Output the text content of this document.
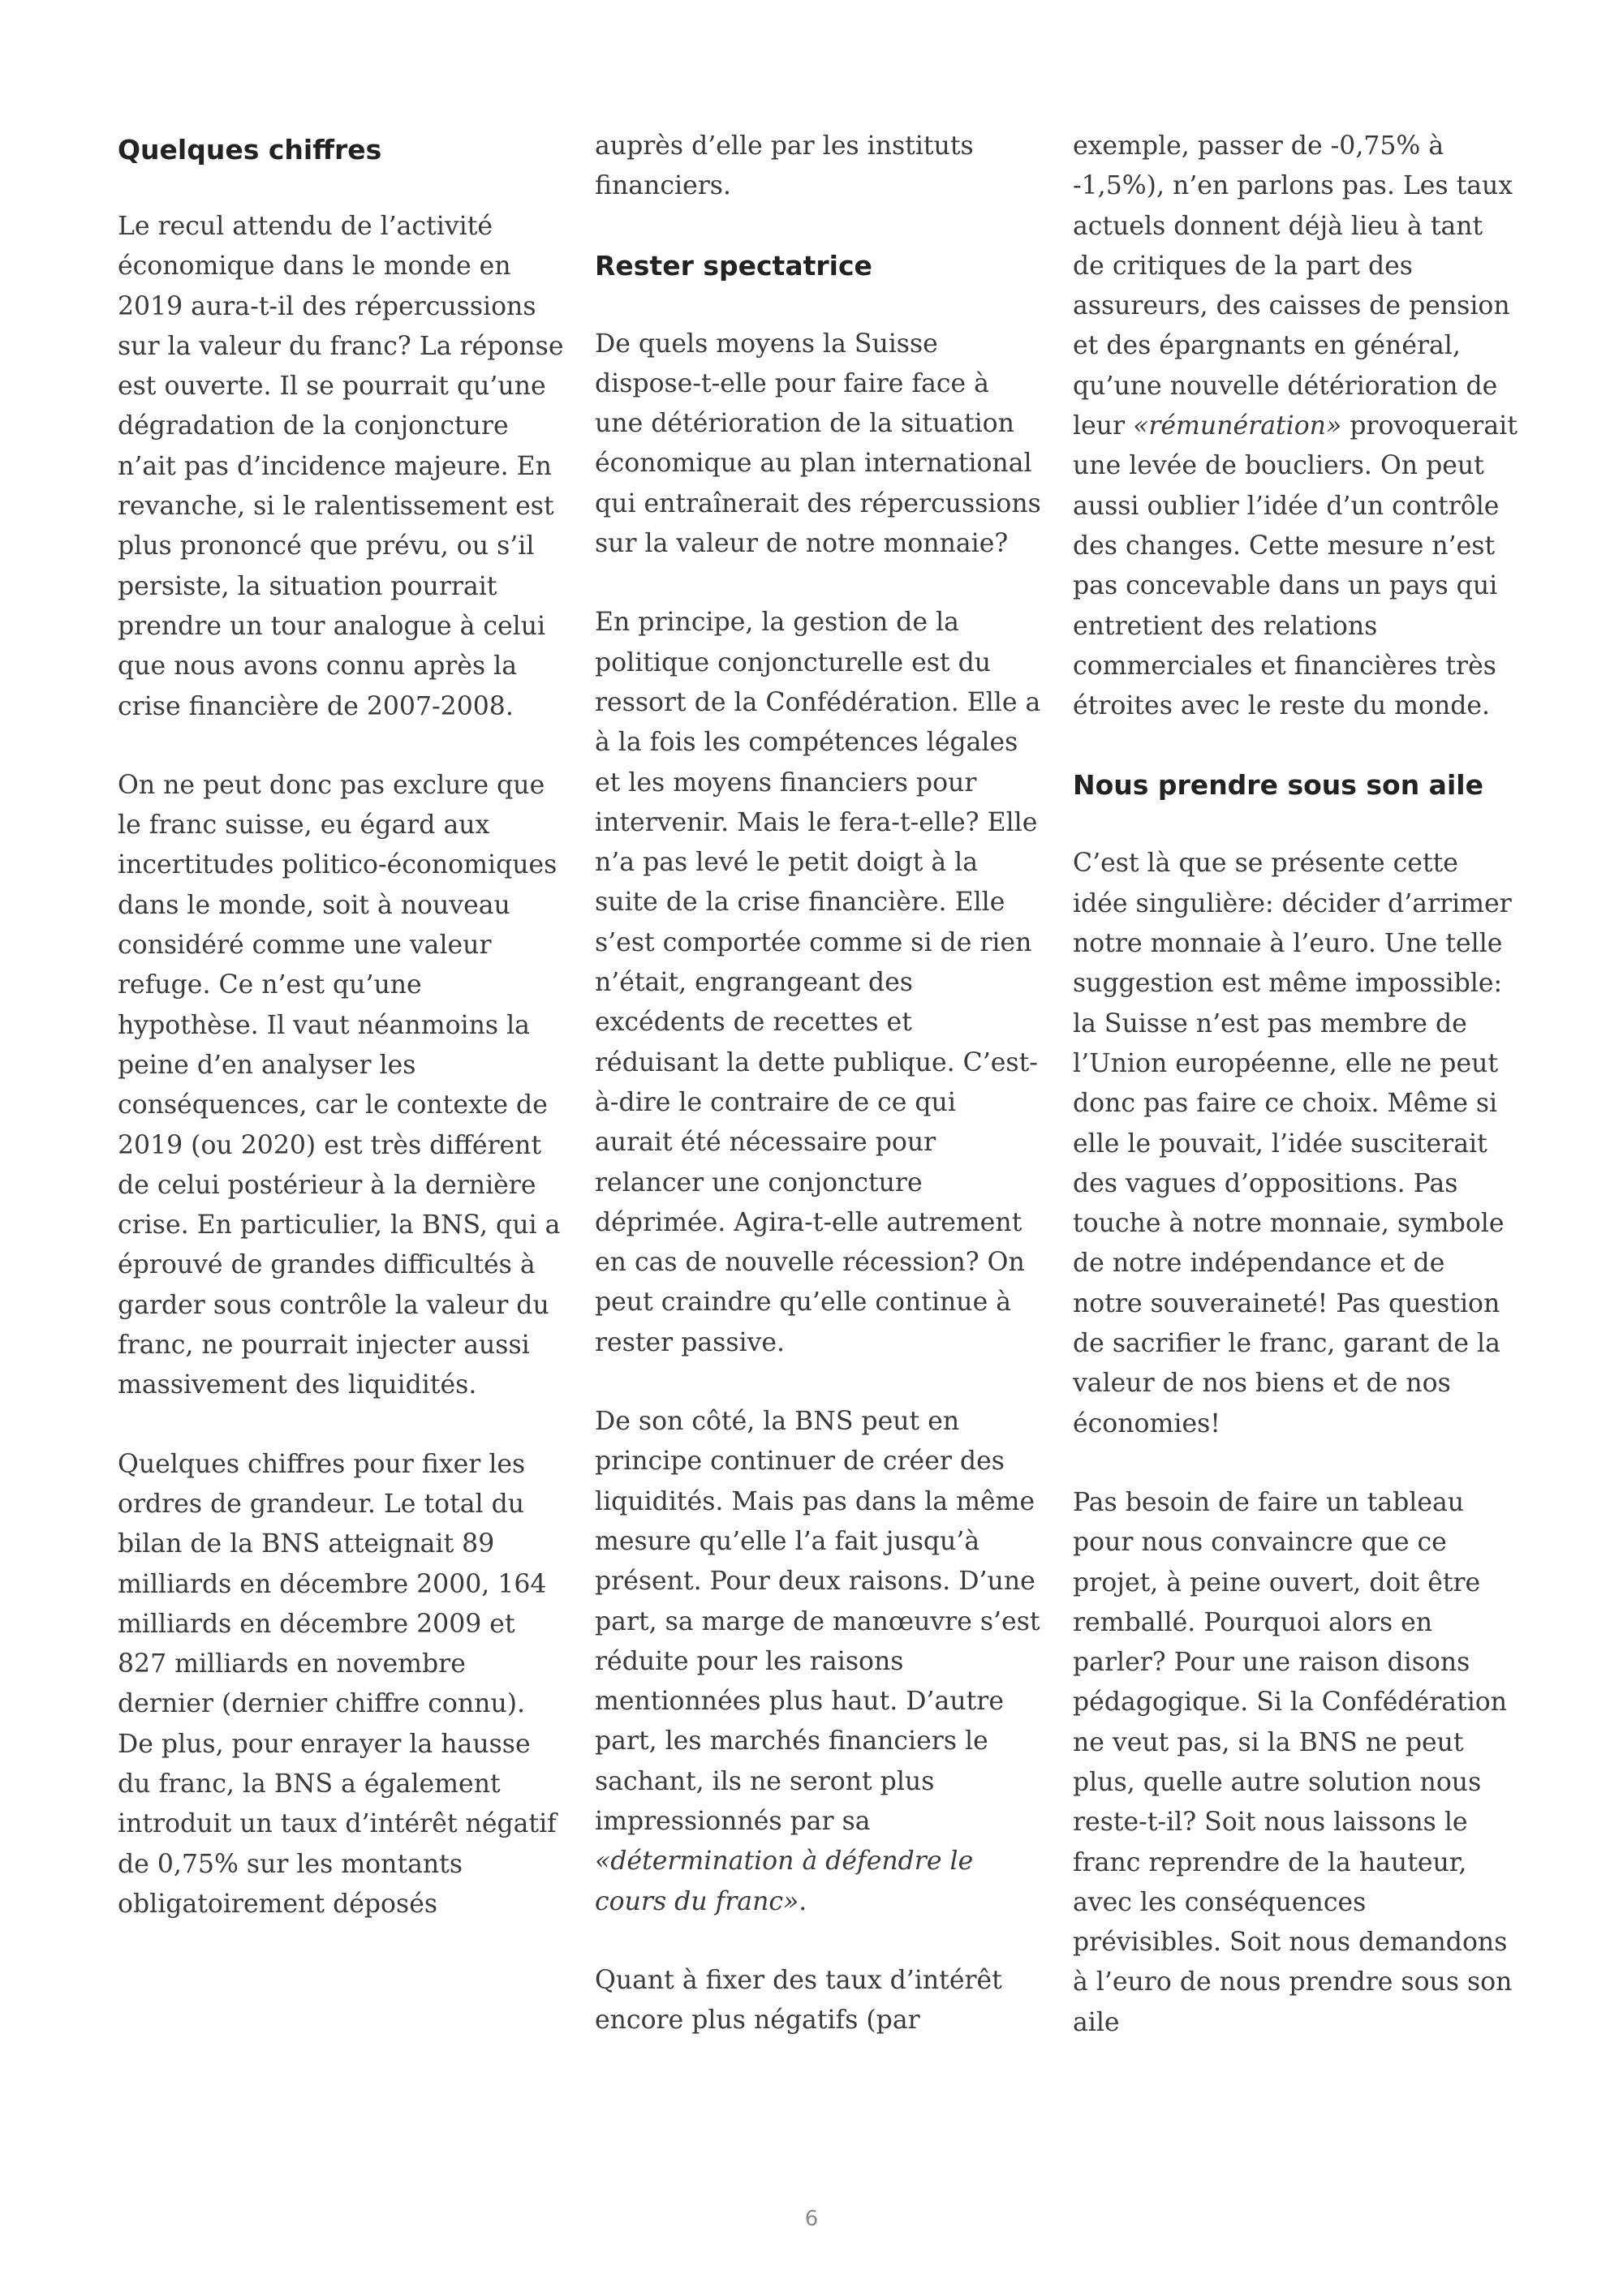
Quelques chiffres

Le recul attendu de l’activité économique dans le monde en 2019 aura-t-il des répercussions sur la valeur du franc? La réponse est ouverte. Il se pourrait qu’une dégradation de la conjoncture n’ait pas d’incidence majeure. En revanche, si le ralentissement est plus prononcé que prévu, ou s’il persiste, la situation pourrait prendre un tour analogue à celui que nous avons connu après la crise financière de 2007-2008.

On ne peut donc pas exclure que le franc suisse, eu égard aux incertitudes politico-économiques dans le monde, soit à nouveau considéré comme une valeur refuge. Ce n’est qu’une hypothèse. Il vaut néanmoins la peine d’en analyser les conséquences, car le contexte de 2019 (ou 2020) est très différent de celui postérieur à la dernière crise. En particulier, la BNS, qui a éprouvé de grandes difficultés à garder sous contrôle la valeur du franc, ne pourrait injecter aussi massivement des liquidités.

Quelques chiffres pour fixer les ordres de grandeur. Le total du bilan de la BNS atteignait 89 milliards en décembre 2000, 164 milliards en décembre 2009 et 827 milliards en novembre dernier (dernier chiffre connu). De plus, pour enrayer la hausse du franc, la BNS a également introduit un taux d’intérêt négatif de 0,75% sur les montants obligatoirement déposés

auprès d’elle par les instituts financiers.

Rester spectatrice

De quels moyens la Suisse dispose-t-elle pour faire face à une détérioration de la situation économique au plan international qui entraînerait des répercussions sur la valeur de notre monnaie?

En principe, la gestion de la politique conjoncturelle est du ressort de la Confédération. Elle a à la fois les compétences légales et les moyens financiers pour intervenir. Mais le fera-t-elle? Elle n’a pas levé le petit doigt à la suite de la crise financière. Elle s’est comportée comme si de rien n’était, engrangeant des excédents de recettes et réduisant la dette publique. C’est-à-dire le contraire de ce qui aurait été nécessaire pour relancer une conjoncture déprimée. Agira-t-elle autrement en cas de nouvelle récession? On peut craindre qu’elle continue à rester passive.

De son côté, la BNS peut en principe continuer de créer des liquidités. Mais pas dans la même mesure qu’elle l’a fait jusqu’à présent. Pour deux raisons. D’une part, sa marge de manœuvre s’est réduite pour les raisons mentionnées plus haut. D’autre part, les marchés financiers le sachant, ils ne seront plus impressionnés par sa «détermination à défendre le cours du franc».

Quant à fixer des taux d’intérêt encore plus négatifs (par

exemple, passer de -0,75% à -1,5%), n’en parlons pas. Les taux actuels donnent déjà lieu à tant de critiques de la part des assureurs, des caisses de pension et des épargnants en général, qu’une nouvelle détérioration de leur «rémunération» provoquerait une levée de boucliers. On peut aussi oublier l’idée d’un contrôle des changes. Cette mesure n’est pas concevable dans un pays qui entretient des relations commerciales et financières très étroites avec le reste du monde.

Nous prendre sous son aile

C’est là que se présente cette idée singulière: décider d’arrimer notre monnaie à l’euro. Une telle suggestion est même impossible: la Suisse n’est pas membre de l’Union européenne, elle ne peut donc pas faire ce choix. Même si elle le pouvait, l’idée susciterait des vagues d’oppositions. Pas touche à notre monnaie, symbole de notre indépendance et de notre souveraineté! Pas question de sacrifier le franc, garant de la valeur de nos biens et de nos économies!

Pas besoin de faire un tableau pour nous convaincre que ce projet, à peine ouvert, doit être remballé. Pourquoi alors en parler? Pour une raison disons pédagogique. Si la Confédération ne veut pas, si la BNS ne peut plus, quelle autre solution nous reste-t-il? Soit nous laissons le franc reprendre de la hauteur, avec les conséquences prévisibles. Soit nous demandons à l’euro de nous prendre sous son aile

6
